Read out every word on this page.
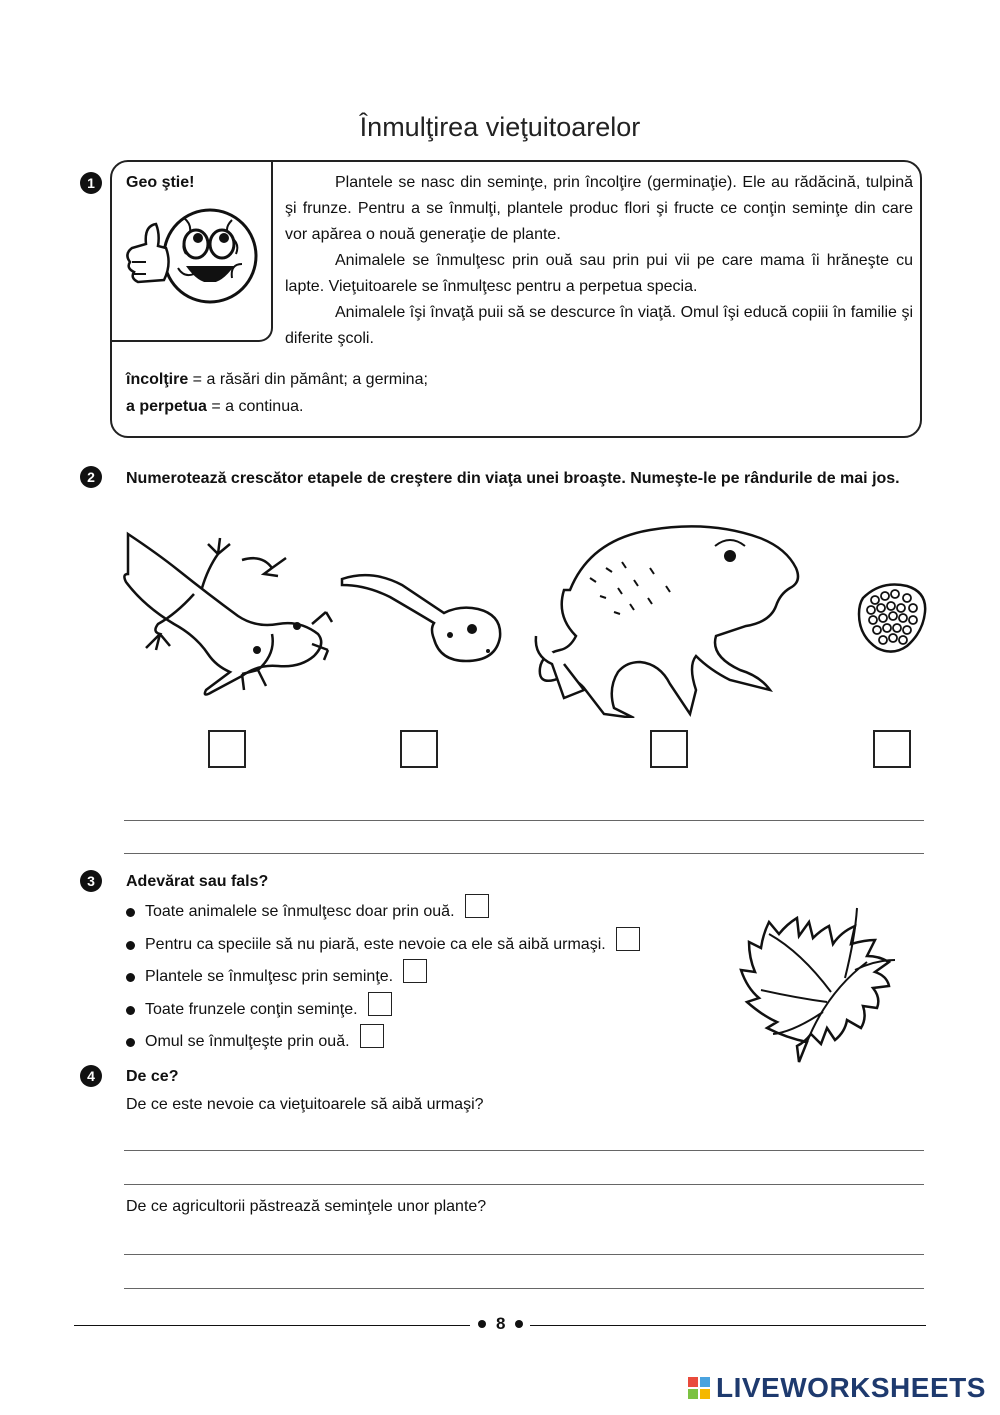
Înmulţirea vieţuitoarelor
1	Geo ştie!	Plantele se nasc din seminţe, prin încolţire (germinaţie). Ele au rădăcină, tulpină şi frunze. Pentru a se înmulţi, plantele produc flori şi fructe ce conţin seminţe din care vor apărea o nouă generaţie de plante.

Animalele se înmulţesc prin ouă sau prin pui vii pe care mama îi hrăneşte cu lapte. Vieţuitoarele se înmulţesc pentru a perpetua specia.

Animalele îşi învaţă puii să se descurce în viaţă. Omul îşi educă copiii în familie şi diferite şcoli.

încolţire = a răsări din pământ; a germina;
a perpetua = a continua.
2	Numerotează crescător etapele de creştere din viaţa unei broaşte. Numeşte-le pe rândurile de mai jos.
3	Adevărat sau fals?
Toate animalele se înmulţesc doar prin ouă.
Pentru ca speciile să nu piară, este nevoie ca ele să aibă urmaşi.
Plantele se înmulţesc prin seminţe.
Toate frunzele conţin seminţe.
Omul se înmulţeşte prin ouă.
4	De ce?
De ce este nevoie ca vieţuitoarele să aibă urmaşi?
De ce agricultorii păstrează seminţele unor plante?
8
LIVEWORKSHEETS
